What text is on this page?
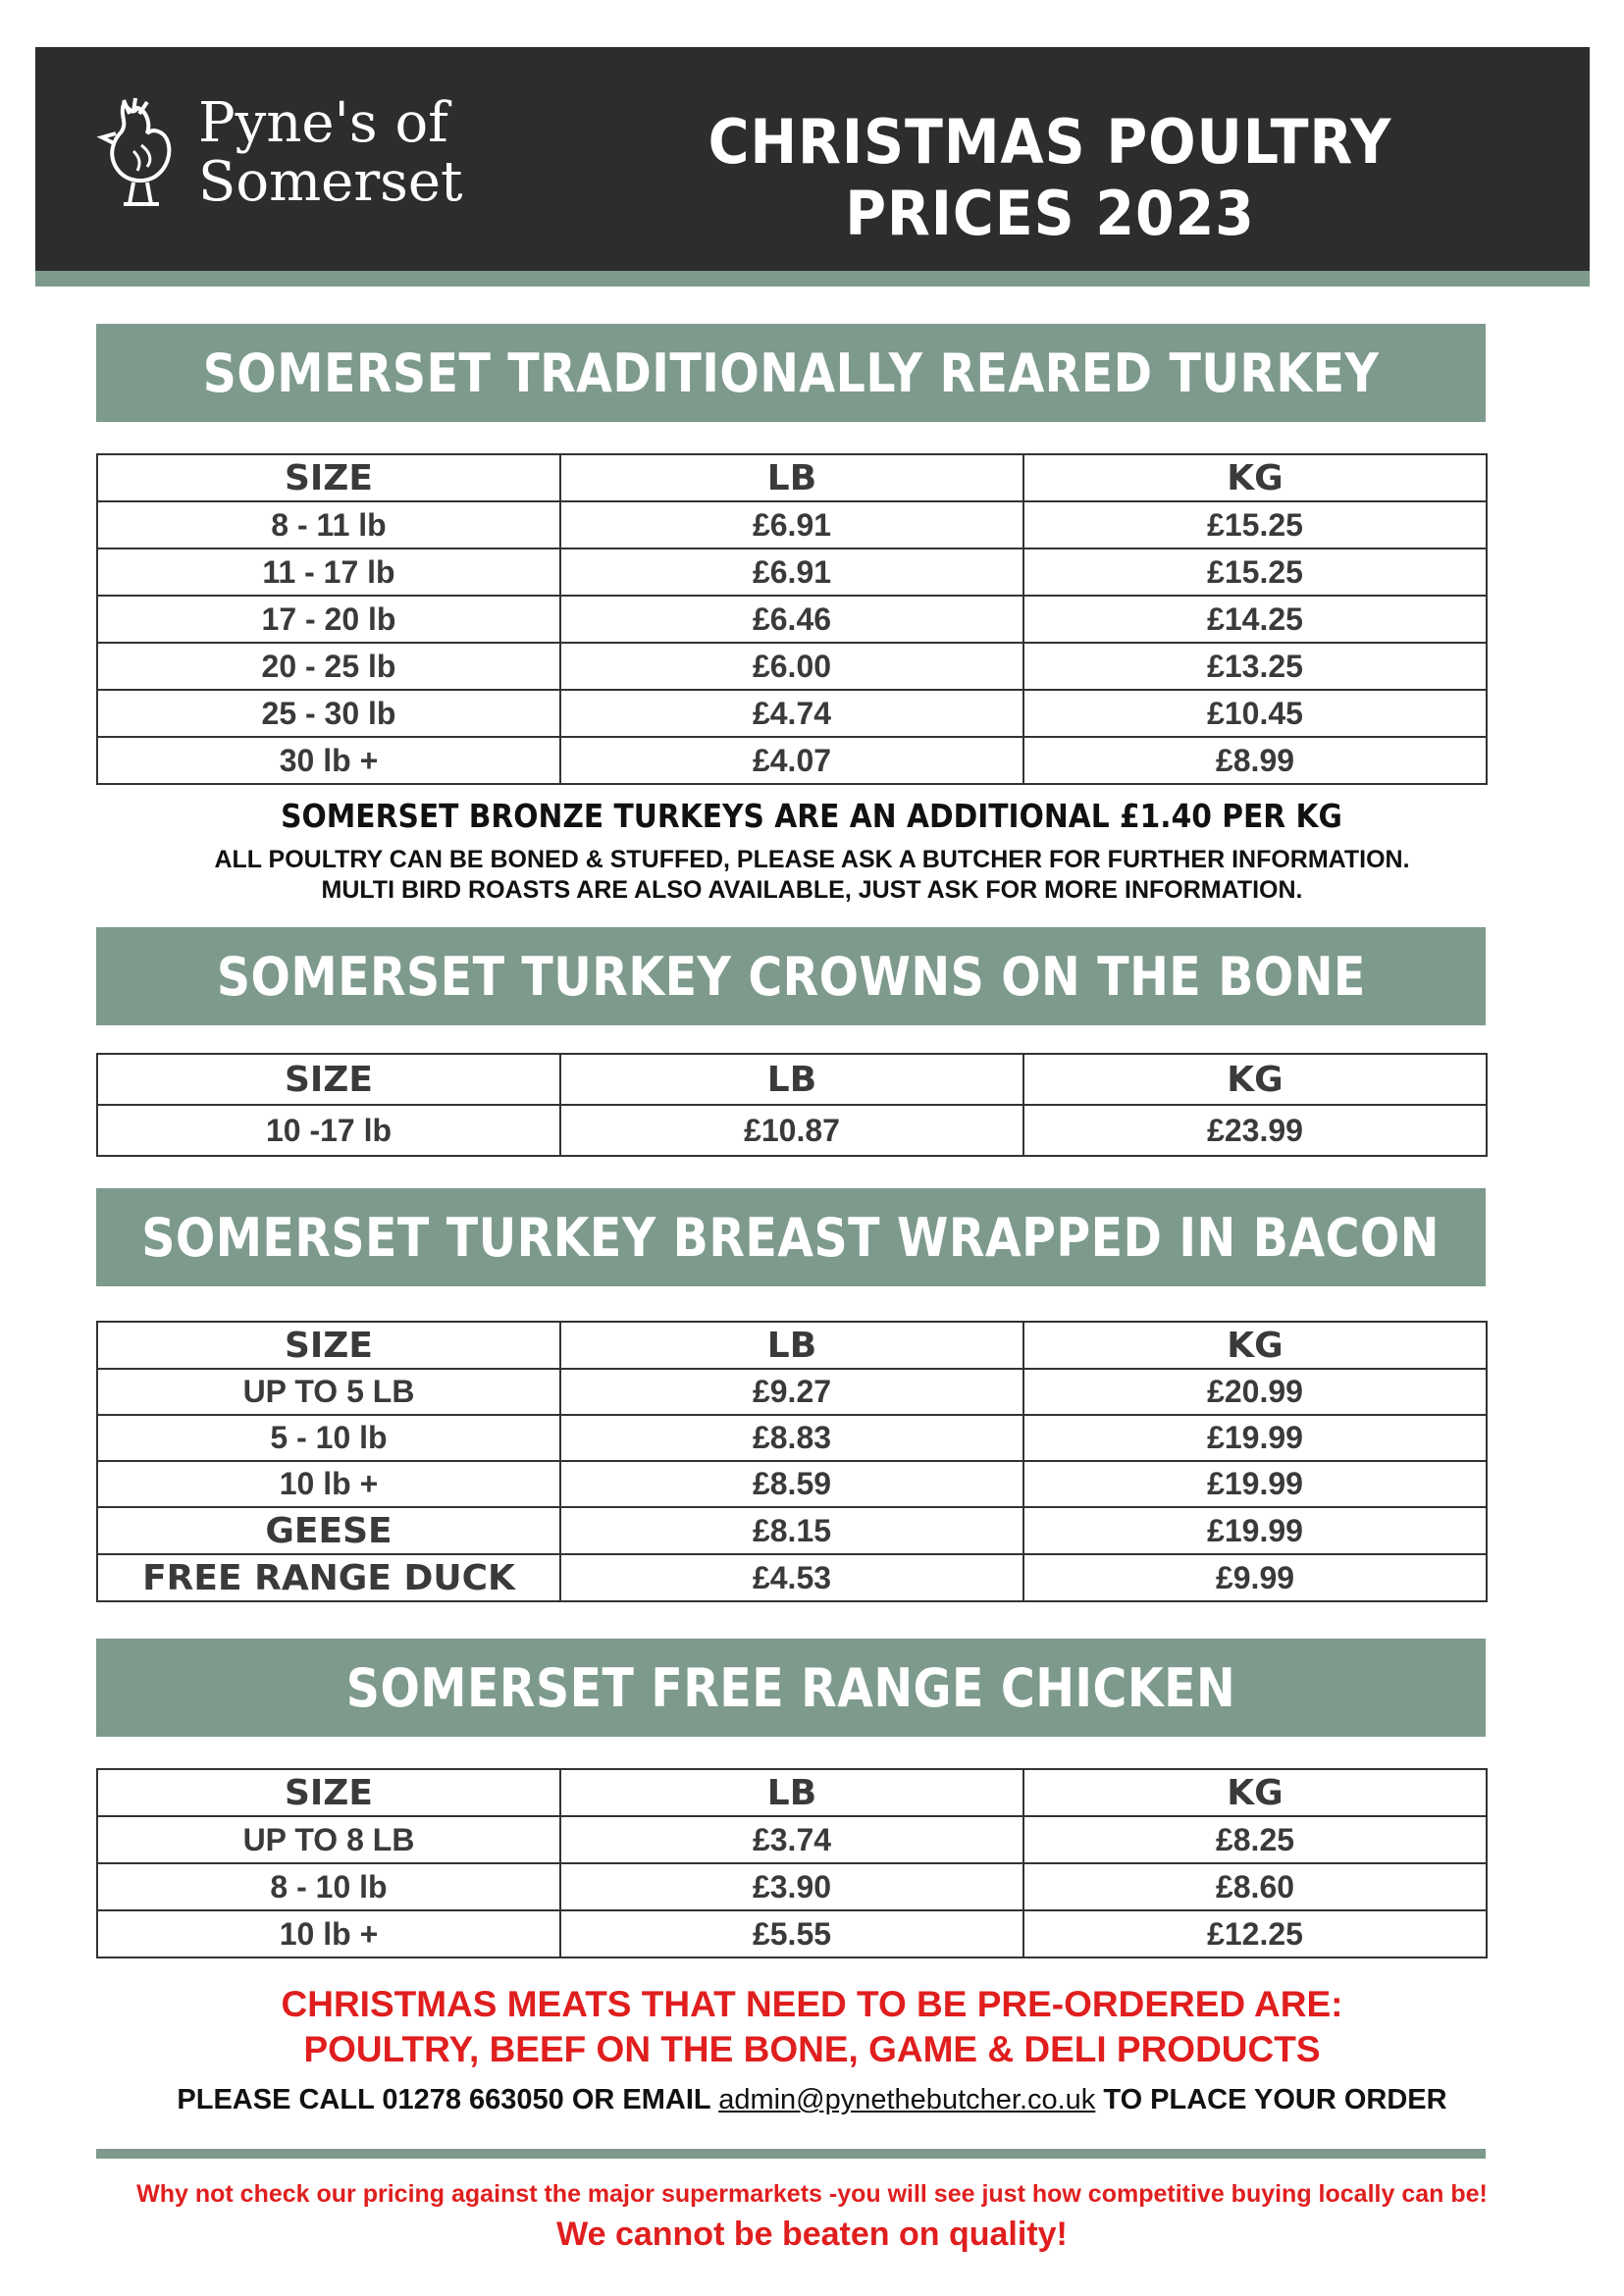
Pyne's of
Somerset
CHRISTMAS POULTRY PRICES 2023
SOMERSET TRADITIONALLY REARED TURKEY
SIZE	LB	KG
8 - 11 lb	£6.91	£15.25
11 - 17 lb	£6.91	£15.25
17 - 20 lb	£6.46	£14.25
20 - 25 lb	£6.00	£13.25
25 - 30 lb	£4.74	£10.45
30 lb +	£4.07	£8.99
SOMERSET BRONZE TURKEYS ARE AN ADDITIONAL £1.40 PER KG
ALL POULTRY CAN BE BONED & STUFFED, PLEASE ASK A BUTCHER FOR FURTHER INFORMATION.
MULTI BIRD ROASTS ARE ALSO AVAILABLE, JUST ASK FOR MORE INFORMATION.
SOMERSET TURKEY CROWNS ON THE BONE
SIZE	LB	KG
10 -17 lb	£10.87	£23.99
SOMERSET TURKEY BREAST WRAPPED IN BACON
SIZE	LB	KG
UP TO 5 LB	£9.27	£20.99
5 - 10 lb	£8.83	£19.99
10 lb +	£8.59	£19.99
GEESE	£8.15	£19.99
FREE RANGE DUCK	£4.53	£9.99
SOMERSET FREE RANGE CHICKEN
SIZE	LB	KG
UP TO 8 LB	£3.74	£8.25
8 - 10 lb	£3.90	£8.60
10 lb +	£5.55	£12.25
CHRISTMAS MEATS THAT NEED TO BE PRE-ORDERED ARE:
POULTRY, BEEF ON THE BONE, GAME & DELI PRODUCTS
PLEASE CALL 01278 663050 OR EMAIL admin@pynethebutcher.co.uk TO PLACE YOUR ORDER
Why not check our pricing against the major supermarkets -you will see just how competitive buying locally can be!
We cannot be beaten on quality!
